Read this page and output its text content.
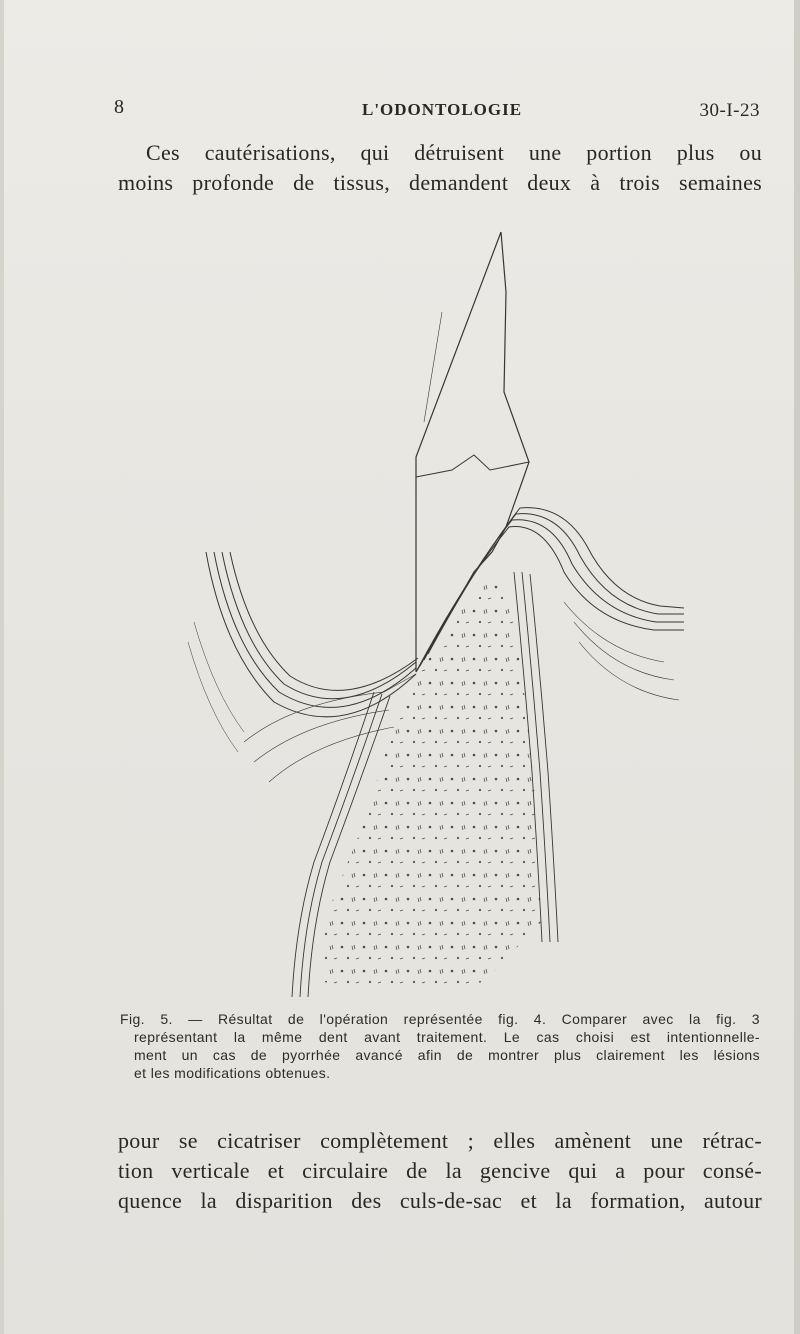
8	L'ODONTOLOGIE	30-I-23
Ces cautérisations, qui détruisent une portion plus ou
moins profonde de tissus, demandent deux à trois semaines
Fig. 5. — Résultat de l'opération représentée fig. 4. Comparer avec la fig. 3
représentant la même dent avant traitement. Le cas choisi est intentionnelle-
ment un cas de pyorrhée avancé afin de montrer plus clairement les lésions
et les modifications obtenues.
pour se cicatriser complètement ; elles amènent une rétrac-
tion verticale et circulaire de la gencive qui a pour consé-
quence la disparition des culs-de-sac et la formation, autour
